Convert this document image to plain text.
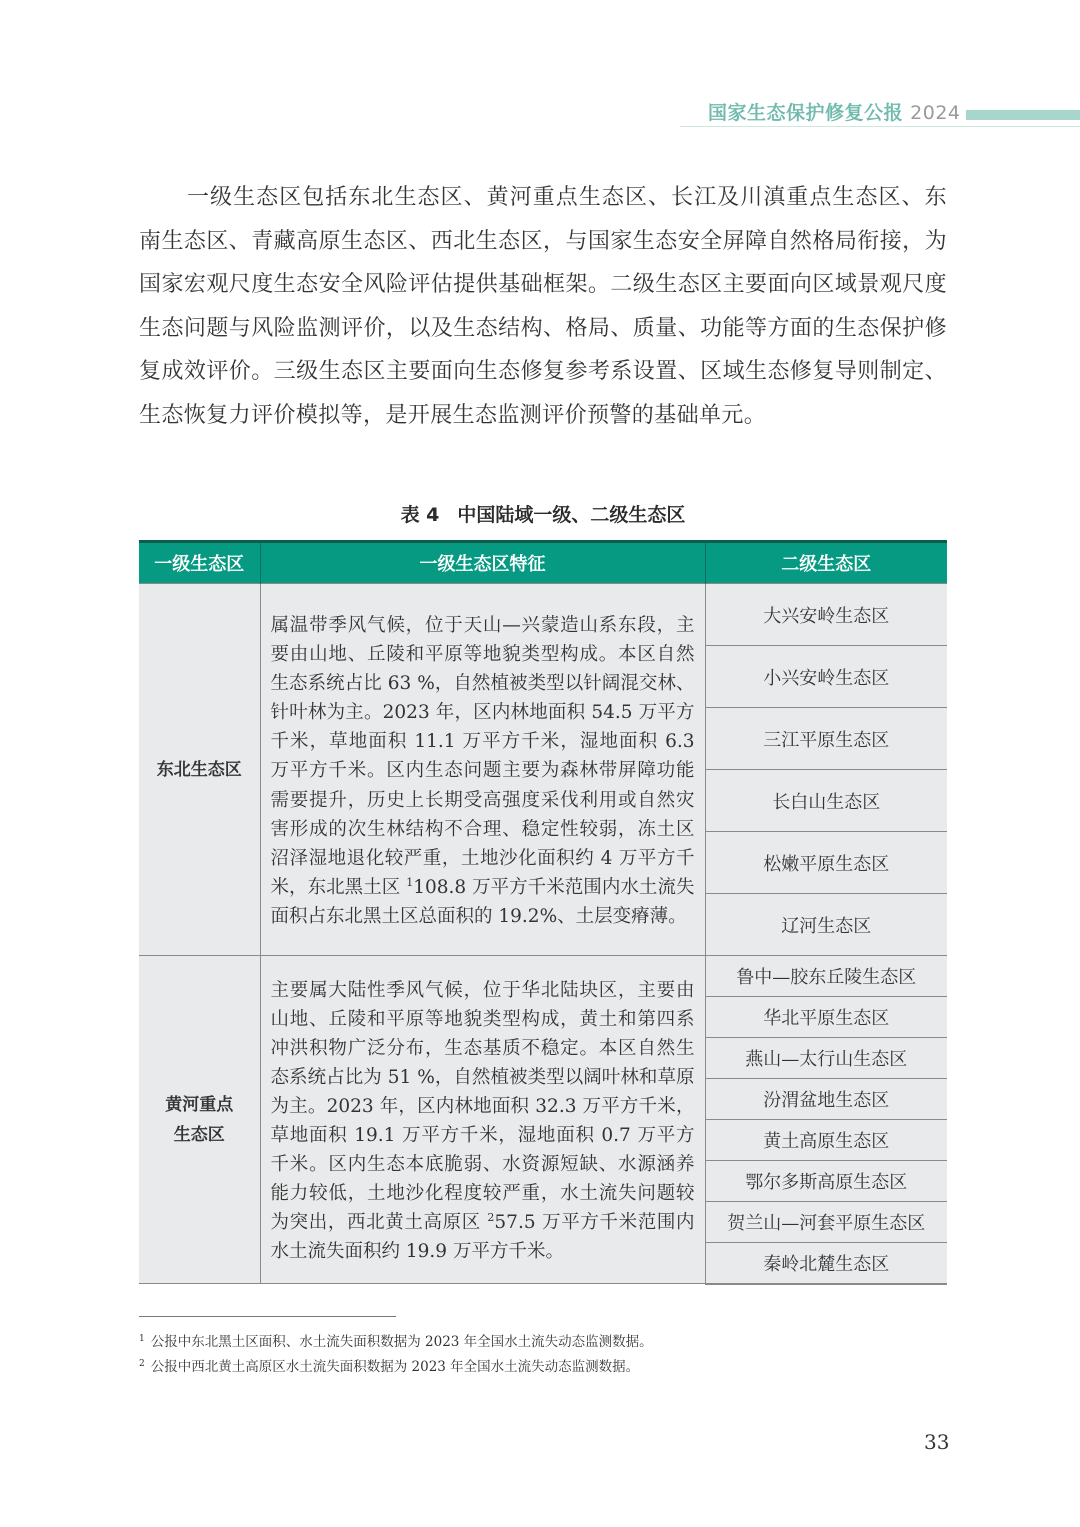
国家生态保护修复公报 2024

一级生态区包括东北生态区、黄河重点生态区、长江及川滇重点生态区、东南生态区、青藏高原生态区、西北生态区，与国家生态安全屏障自然格局衔接，为国家宏观尺度生态安全风险评估提供基础框架。二级生态区主要面向区域景观尺度生态问题与风险监测评价，以及生态结构、格局、质量、功能等方面的生态保护修复成效评价。三级生态区主要面向生态修复参考系设置、区域生态修复导则制定、生态恢复力评价模拟等，是开展生态监测评价预警的基础单元。

表 4 中国陆域一级、二级生态区
一级生态区	一级生态区特征	二级生态区

东北生态区	属温带季风气候，位于天山—兴蒙造山系东段，主要由山地、丘陵和平原等地貌类型构成。本区自然生态系统占比 63 %，自然植被类型以针阔混交林、针叶林为主。2023 年，区内林地面积 54.5 万平方千米，草地面积 11.1 万平方千米，湿地面积 6.3 万平方千米。区内生态问题主要为森林带屏障功能需要提升，历史上长期受高强度采伐利用或自然灾害形成的次生林结构不合理、稳定性较弱，冻土区沼泽湿地退化较严重，土地沙化面积约 4 万平方千米，东北黑土区 $^1$108.8 万平方千米范围内水土流失面积占东北黑土区总面积的 19.2%、土层变瘠薄。	大兴安岭生态区
		小兴安岭生态区
		三江平原生态区
		长白山生态区
		松嫩平原生态区
		辽河生态区

黄河重点
生态区	主要属大陆性季风气候，位于华北陆块区，主要由山地、丘陵和平原等地貌类型构成，黄土和第四系冲洪积物广泛分布，生态基质不稳定。本区自然生态系统占比为 51 %，自然植被类型以阔叶林和草原为主。2023 年，区内林地面积 32.3 万平方千米，草地面积 19.1 万平方千米，湿地面积 0.7 万平方千米。区内生态本底脆弱、水资源短缺、水源涵养能力较低，土地沙化程度较严重，水土流失问题较为突出，西北黄土高原区 $^2$57.5 万平方千米范围内水土流失面积约 19.9 万平方千米。	鲁中—胶东丘陵生态区
		华北平原生态区
		燕山—太行山生态区
		汾渭盆地生态区
		黄土高原生态区
		鄂尔多斯高原生态区
		贺兰山—河套平原生态区
		秦岭北麓生态区
$^1$ 公报中东北黑土区面积、水土流失面积数据为 2023 年全国水土流失动态监测数据。
$^2$ 公报中西北黄土高原区水土流失面积数据为 2023 年全国水土流失动态监测数据。
33
